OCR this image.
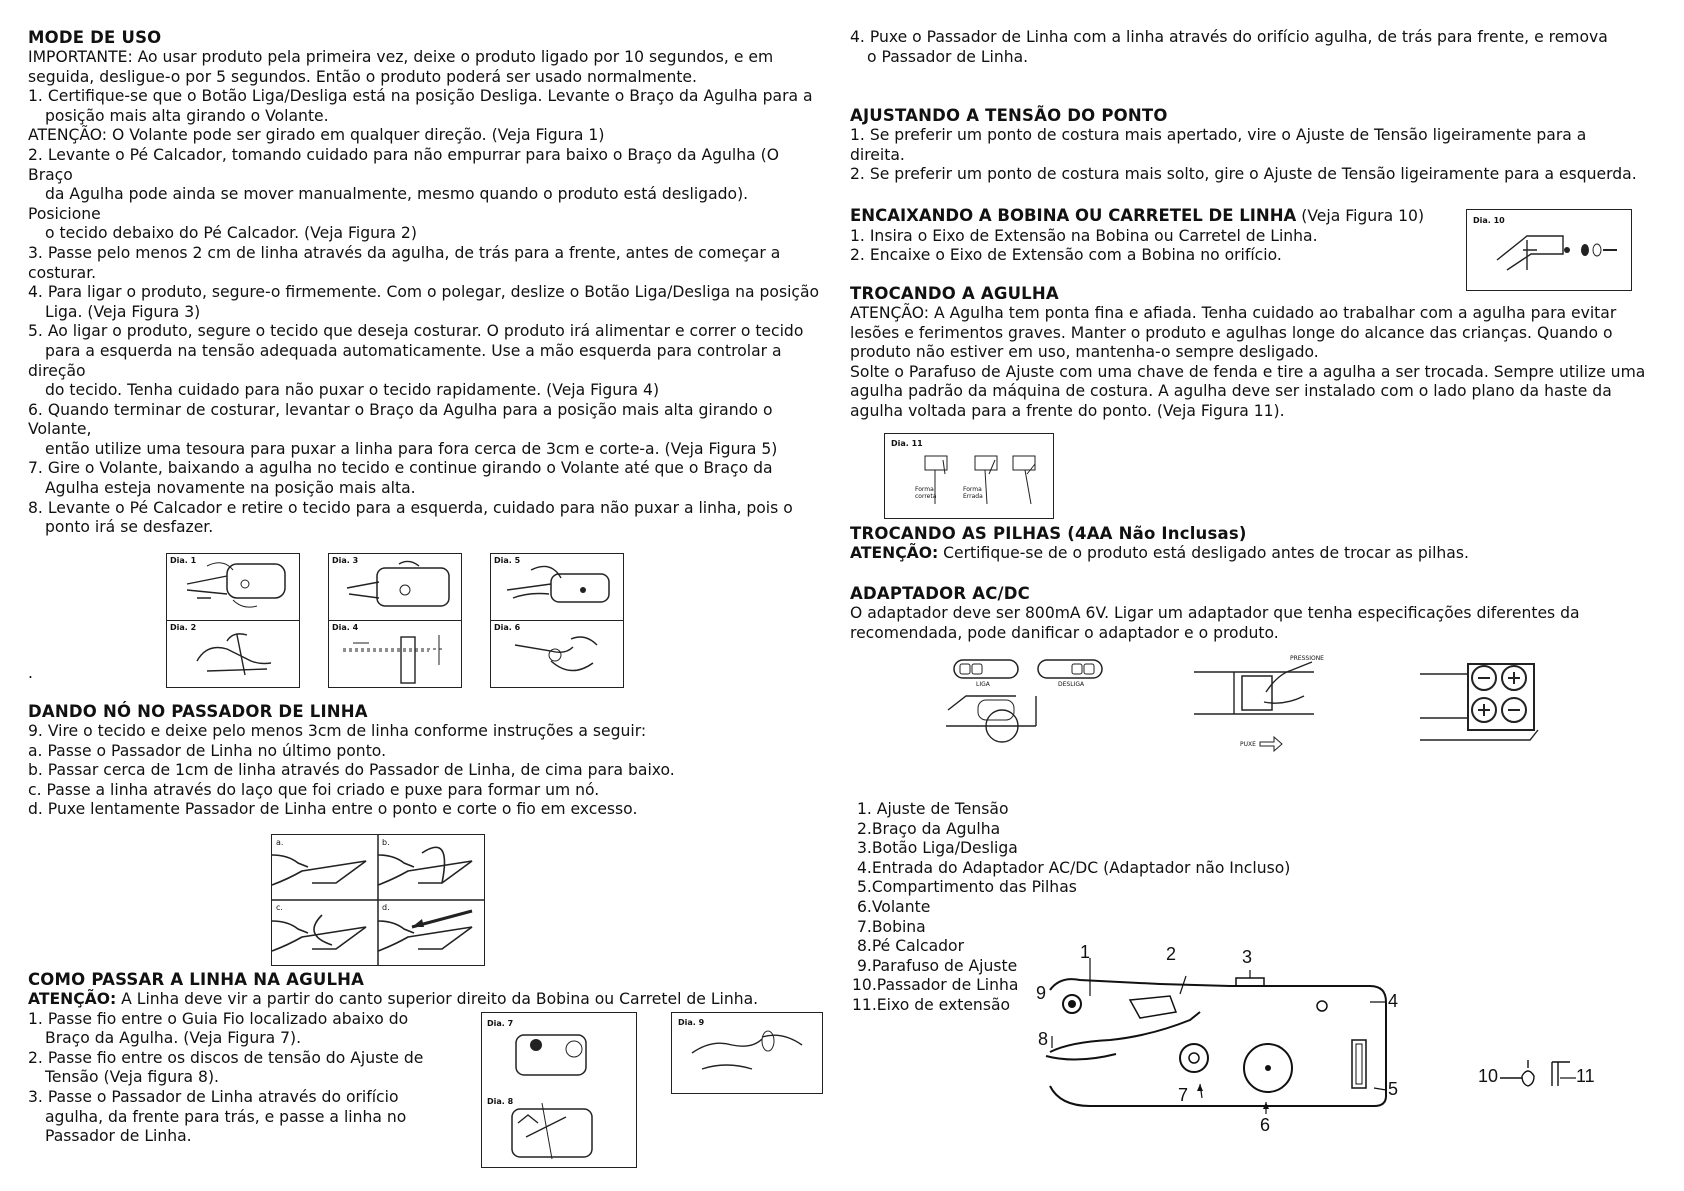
MODE DE USO

IMPORTANTE: Ao usar produto pela primeira vez, deixe o produto ligado por 10 segundos, e em

seguida, desligue-o por 5 segundos. Então o produto poderá ser usado normalmente.

1. Certifique-se que o Botão Liga/Desliga está na posição Desliga. Levante o Braço da Agulha para a

posição mais alta girando o Volante.

ATENÇÃO: O Volante pode ser girado em qualquer direção. (Veja Figura 1)

2. Levante o Pé Calcador, tomando cuidado para não empurrar para baixo o Braço da Agulha (O

Braço

da Agulha pode ainda se mover manualmente, mesmo quando o produto está desligado).

Posicione

o tecido debaixo do Pé Calcador. (Veja Figura 2)

3. Passe pelo menos 2 cm de linha através da agulha, de trás para a frente, antes de começar a

costurar.

4. Para ligar o produto, segure-o firmemente. Com o polegar, deslize o Botão Liga/Desliga na posição

Liga. (Veja Figura 3)

5. Ao ligar o produto, segure o tecido que deseja costurar. O produto irá alimentar e correr o tecido

para a esquerda na tensão adequada automaticamente. Use a mão esquerda para controlar a

direção

do tecido. Tenha cuidado para não puxar o tecido rapidamente. (Veja Figura 4)

6. Quando terminar de costurar, levantar o Braço da Agulha para a posição mais alta girando o

Volante,

então utilize uma tesoura para puxar a linha para fora cerca de 3cm e corte-a. (Veja Figura 5)

7. Gire o Volante, baixando a agulha no tecido e continue girando o Volante até que o Braço da

Agulha esteja novamente na posição mais alta.

8. Levante o Pé Calcador e retire o tecido para a esquerda, cuidado para não puxar a linha, pois o

ponto irá se desfazer.

Dia. 1
Dia. 2
Dia. 3
Dia. 4
Dia. 5
Dia. 6
.
DANDO NÓ NO PASSADOR DE LINHA

9. Vire o tecido e deixe pelo menos 3cm de linha conforme instruções a seguir:

a. Passe o Passador de Linha no último ponto.

b. Passar cerca de 1cm de linha através do Passador de Linha, de cima para baixo.

c. Passe a linha através do laço que foi criado e puxe para formar um nó.

d. Puxe lentamente Passador de Linha entre o ponto e corte o fio em excesso.

a.	b.
c.	d.
COMO PASSAR A LINHA NA AGULHA

ATENÇÃO: A Linha deve vir a partir do canto superior direito da Bobina ou Carretel de Linha.

1. Passe fio entre o Guia Fio localizado abaixo do

Braço da Agulha. (Veja Figura 7).

2. Passe fio entre os discos de tensão do Ajuste de

Tensão (Veja figura 8).

3. Passe o Passador de Linha através do orifício

agulha, da frente para trás, e passe a linha no

Passador de Linha.

Dia. 7
Dia. 8
Dia. 9

4. Puxe o Passador de Linha com a linha através do orifício agulha, de trás para frente, e remova

o Passador de Linha.

AJUSTANDO A TENSÃO DO PONTO

1. Se preferir um ponto de costura mais apertado, vire o Ajuste de Tensão ligeiramente para a

direita.

2. Se preferir um ponto de costura mais solto, gire o Ajuste de Tensão ligeiramente para a esquerda.

ENCAIXANDO A BOBINA OU CARRETEL DE LINHA (Veja Figura 10)

1. Insira o Eixo de Extensão na Bobina ou Carretel de Linha.

2. Encaixe o Eixo de Extensão com a Bobina no orifício.

Dia. 10
TROCANDO A AGULHA

ATENÇÃO: A Agulha tem ponta fina e afiada. Tenha cuidado ao trabalhar com a agulha para evitar

lesões e ferimentos graves. Manter o produto e agulhas longe do alcance das crianças. Quando o

produto não estiver em uso, mantenha-o sempre desligado.

Solte o Parafuso de Ajuste com uma chave de fenda e tire a agulha a ser trocada. Sempre utilize uma

agulha padrão da máquina de costura. A agulha deve ser instalado com o lado plano da haste da

agulha voltada para a frente do ponto. (Veja Figura 11).

Dia. 11
Forma correta
Forma Errada
TROCANDO AS PILHAS (4AA Não Inclusas)

ATENÇÃO: Certifique-se de o produto está desligado antes de trocar as pilhas.

ADAPTADOR AC/DC

O adaptador deve ser 800mA 6V. Ligar um adaptador que tenha especificações diferentes da

recomendada, pode danificar o adaptador e o produto.

LIGA	DESLIGA
PRESSIONE
PUXE

1. Ajuste de Tensão

2.Braço da Agulha

3.Botão Liga/Desliga

4.Entrada do Adaptador AC/DC (Adaptador não Incluso)

5.Compartimento das Pilhas

6.Volante

7.Bobina

8.Pé Calcador

9.Parafuso de Ajuste

10.Passador de Linha

11.Eixo de extensão

1	2	3
4
5
6
7
8
9
10	11
